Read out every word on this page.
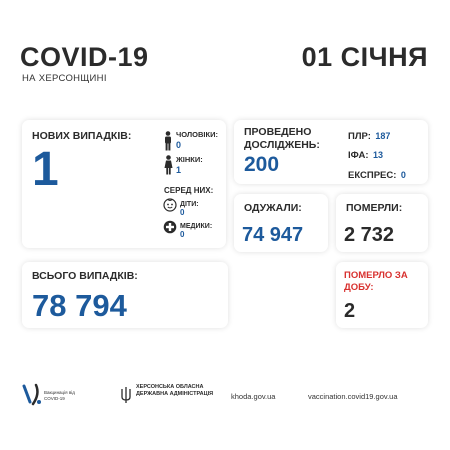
COVID-19
НА ХЕРСОНЩИНІ
01 СІЧНЯ
НОВИХ ВИПАДКІВ:
1
ЧОЛОВІКИ:
0
ЖІНКИ:
1
СЕРЕД НИХ:
ДІТИ:
0
МЕДИКИ:
0
ПРОВЕДЕНО ДОСЛІДЖЕНЬ:
200
ПЛР: 187
ІФА: 13
ЕКСПРЕС: 0
ОДУЖАЛИ:
74 947
ПОМЕРЛИ:
2 732
ВСЬОГО ВИПАДКІВ:
78 794
ПОМЕРЛО ЗА ДОБУ:
2
Вакцинація від COVID-19
ХЕРСОНСЬКА ОБЛАСНА ДЕРЖАВНА АДМІНІСТРАЦІЯ	khoda.gov.ua	vaccination.covid19.gov.ua
